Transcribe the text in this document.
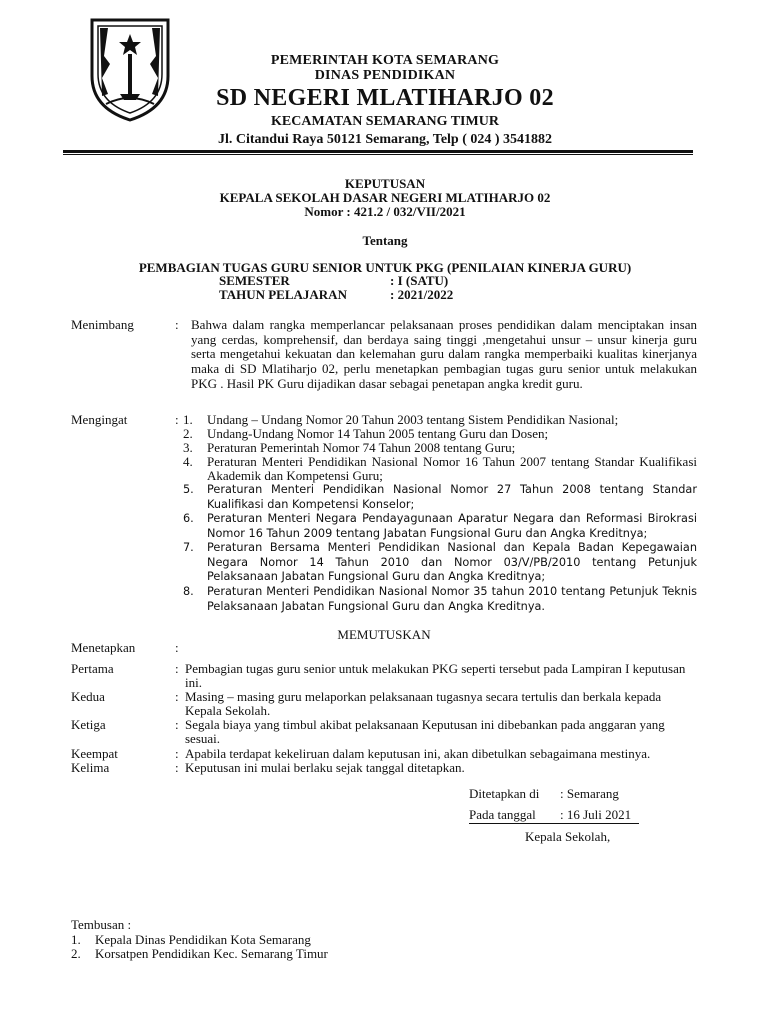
PEMERINTAH KOTA SEMARANG
DINAS PENDIDIKAN
SD NEGERI MLATIHARJO 02
KECAMATAN SEMARANG TIMUR
Jl. Citandui Raya 50121 Semarang, Telp ( 024 ) 3541882
KEPUTUSAN
KEPALA SEKOLAH DASAR NEGERI MLATIHARJO 02
Nomor : 421.2 / 032/VII/2021
Tentang
PEMBAGIAN TUGAS GURU SENIOR UNTUK PKG (PENILAIAN KINERJA GURU)
SEMESTER	: I (SATU)
TAHUN PELAJARAN	: 2021/2022
Menimbang	: Bahwa dalam rangka memperlancar pelaksanaan proses pendidikan dalam menciptakan insan yang cerdas, komprehensif, dan berdaya saing tinggi ,mengetahui unsur – unsur kinerja guru serta mengetahui kekuatan dan kelemahan guru dalam rangka memperbaiki kualitas kinerjanya maka di SD Mlatiharjo 02, perlu menetapkan pembagian tugas guru senior untuk melakukan PKG . Hasil PK Guru dijadikan dasar sebagai penetapan angka kredit guru.
Mengingat	: 1. Undang – Undang Nomor 20 Tahun 2003 tentang Sistem Pendidikan Nasional;
2. Undang-Undang Nomor 14 Tahun 2005 tentang Guru dan Dosen;
3. Peraturan Pemerintah Nomor 74 Tahun 2008 tentang Guru;
4. Peraturan Menteri Pendidikan Nasional Nomor 16 Tahun 2007 tentang Standar Kualifikasi Akademik dan Kompetensi Guru;
5. Peraturan Menteri Pendidikan Nasional Nomor 27 Tahun 2008 tentang Standar Kualifikasi dan Kompetensi Konselor;
6. Peraturan Menteri Negara Pendayagunaan Aparatur Negara dan Reformasi Birokrasi Nomor 16 Tahun 2009 tentang Jabatan Fungsional Guru dan Angka Kreditnya;
7. Peraturan Bersama Menteri Pendidikan Nasional dan Kepala Badan Kepegawaian Negara Nomor 14 Tahun 2010 dan Nomor 03/V/PB/2010 tentang Petunjuk Pelaksanaan Jabatan Fungsional Guru dan Angka Kreditnya;
8. Peraturan Menteri Pendidikan Nasional Nomor 35 tahun 2010 tentang Petunjuk Teknis Pelaksanaan Jabatan Fungsional Guru dan Angka Kreditnya.
MEMUTUSKAN
Menetapkan	:
Pertama	: Pembagian tugas guru senior untuk melakukan PKG seperti tersebut pada Lampiran I keputusan ini.
Kedua	: Masing – masing guru melaporkan pelaksanaan tugasnya secara tertulis dan berkala kepada Kepala Sekolah.
Ketiga	: Segala biaya yang timbul akibat pelaksanaan Keputusan ini dibebankan pada anggaran yang sesuai.
Keempat	: Apabila terdapat kekeliruan dalam keputusan ini, akan dibetulkan sebagaimana mestinya.
Kelima	: Keputusan ini mulai berlaku sejak tanggal ditetapkan.
Ditetapkan di : Semarang
Pada tanggal : 16 Juli 2021
Kepala Sekolah,
Tembusan :
1. Kepala Dinas Pendidikan Kota Semarang
2. Korsatpen Pendidikan Kec. Semarang Timur
